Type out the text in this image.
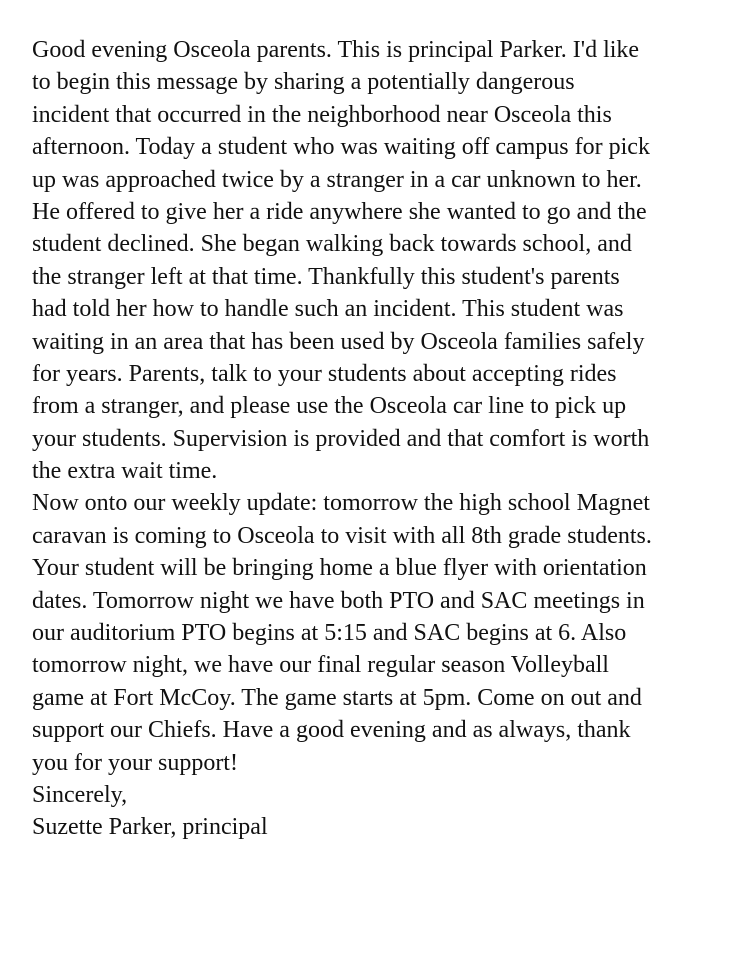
Good evening Osceola parents. This is principal Parker. I'd like
to begin this message by sharing a potentially dangerous
incident that occurred in the neighborhood near Osceola this
afternoon. Today a student who was waiting off campus for pick
up was approached twice by a stranger in a car unknown to her.
He offered to give her a ride anywhere she wanted to go and the
student declined. She began walking back towards school, and
the stranger left at that time. Thankfully this student's parents
had told her how to handle such an incident. This student was
waiting in an area that has been used by Osceola families safely
for years. Parents, talk to your students about accepting rides
from a stranger, and please use the Osceola car line to pick up
your students. Supervision is provided and that comfort is worth
the extra wait time.

Now onto our weekly update: tomorrow the high school Magnet
caravan is coming to Osceola to visit with all 8th grade students.
Your student will be bringing home a blue flyer with orientation
dates. Tomorrow night we have both PTO and SAC meetings in
our auditorium PTO begins at 5:15 and SAC begins at 6. Also
tomorrow night, we have our final regular season Volleyball
game at Fort McCoy. The game starts at 5pm. Come on out and
support our Chiefs. Have a good evening and as always, thank
you for your support!

Sincerely,

Suzette Parker, principal
